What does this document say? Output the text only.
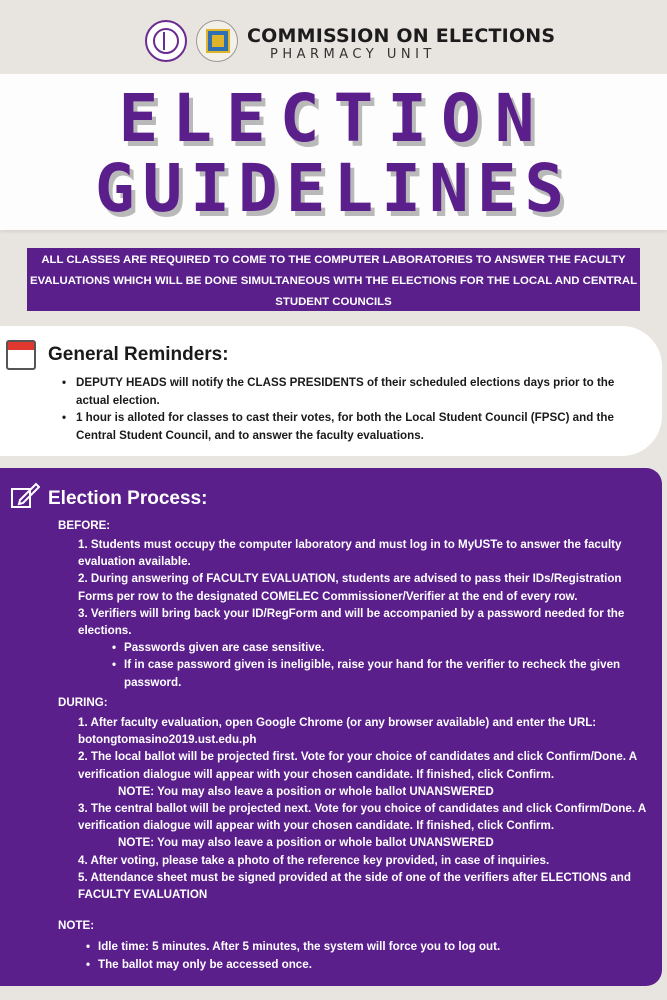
COMMISSION ON ELECTIONS
PHARMACY UNIT
ELECTION
GUIDELINES
ALL CLASSES ARE REQUIRED TO COME TO THE COMPUTER LABORATORIES TO ANSWER THE FACULTY EVALUATIONS WHICH WILL BE DONE SIMULTANEOUS WITH THE ELECTIONS FOR THE LOCAL AND CENTRAL STUDENT COUNCILS
General Reminders:
• DEPUTY HEADS will notify the CLASS PRESIDENTS of their scheduled elections days prior to the actual election.
• 1 hour is alloted for classes to cast their votes, for both the Local Student Council (FPSC) and the Central Student Council, and to answer the faculty evaluations.
Election Process:
BEFORE:

1. Students must occupy the computer laboratory and must log in to MyUSTe to answer the faculty evaluation available.

2. During answering of FACULTY EVALUATION, students are advised to pass their IDs/Registration Forms per row to the designated COMELEC Commissioner/Verifier at the end of every row.

3. Verifiers will bring back your ID/RegForm and will be accompanied by a password needed for the elections.

• Passwords given are case sensitive.

• If in case password given is ineligible, raise your hand for the verifier to recheck the given password.

DURING:

1. After faculty evaluation, open Google Chrome (or any browser available) and enter the URL: botongtomasino2019.ust.edu.ph

2. The local ballot will be projected first. Vote for your choice of candidates and click Confirm/Done. A verification dialogue will appear with your chosen candidate. If finished, click Confirm.

NOTE: You may also leave a position or whole ballot UNANSWERED

3. The central ballot will be projected next. Vote for you choice of candidates and click Confirm/Done. A verification dialogue will appear with your chosen candidate. If finished, click Confirm.

NOTE: You may also leave a position or whole ballot UNANSWERED

4. After voting, please take a photo of the reference key provided, in case of inquiries.

5. Attendance sheet must be signed provided at the side of one of the verifiers after ELECTIONS and FACULTY EVALUATION

NOTE:
• Idle time: 5 minutes. After 5 minutes, the system will force you to log out.
• The ballot may only be accessed once.
